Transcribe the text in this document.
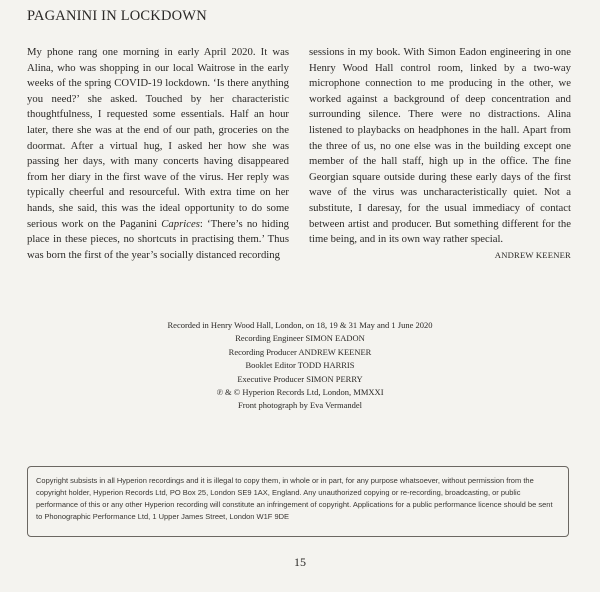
PAGANINI IN LOCKDOWN

My phone rang one morning in early April 2020. It was Alina, who was shopping in our local Waitrose in the early weeks of the spring COVID-19 lockdown. ‘Is there anything you need?’ she asked. Touched by her characteristic thoughtfulness, I requested some essentials. Half an hour later, there she was at the end of our path, groceries on the doormat. After a virtual hug, I asked her how she was passing her days, with many concerts having disappeared from her diary in the first wave of the virus. Her reply was typically cheerful and resourceful. With extra time on her hands, she said, this was the ideal opportunity to do some serious work on the Paganini Caprices: ‘There’s no hiding place in these pieces, no shortcuts in practising them.’ Thus was born the first of the year’s socially distanced recording

sessions in my book. With Simon Eadon engineering in one Henry Wood Hall control room, linked by a two-way microphone connection to me producing in the other, we worked against a background of deep concentration and surrounding silence. There were no distractions. Alina listened to playbacks on headphones in the hall. Apart from the three of us, no one else was in the building except one member of the hall staff, high up in the office. The fine Georgian square outside during these early days of the first wave of the virus was uncharacteristically quiet. Not a substitute, I daresay, for the usual immediacy of contact between artist and producer. But something different for the time being, and in its own way rather special.

ANDREW KEENER
Recorded in Henry Wood Hall, London, on 18, 19 & 31 May and 1 June 2020
Recording Engineer SIMON EADON
Recording Producer ANDREW KEENER
Booklet Editor TODD HARRIS
Executive Producer SIMON PERRY
℗ & © Hyperion Records Ltd, London, MMXXI
Front photograph by Eva Vermandel
Copyright subsists in all Hyperion recordings and it is illegal to copy them, in whole or in part, for any purpose whatsoever, without permission from the copyright holder, Hyperion Records Ltd, PO Box 25, London SE9 1AX, England. Any unauthorized copying or re-recording, broadcasting, or public performance of this or any other Hyperion recording will constitute an infringement of copyright. Applications for a public performance licence should be sent to Phonographic Performance Ltd, 1 Upper James Street, London W1F 9DE
15
